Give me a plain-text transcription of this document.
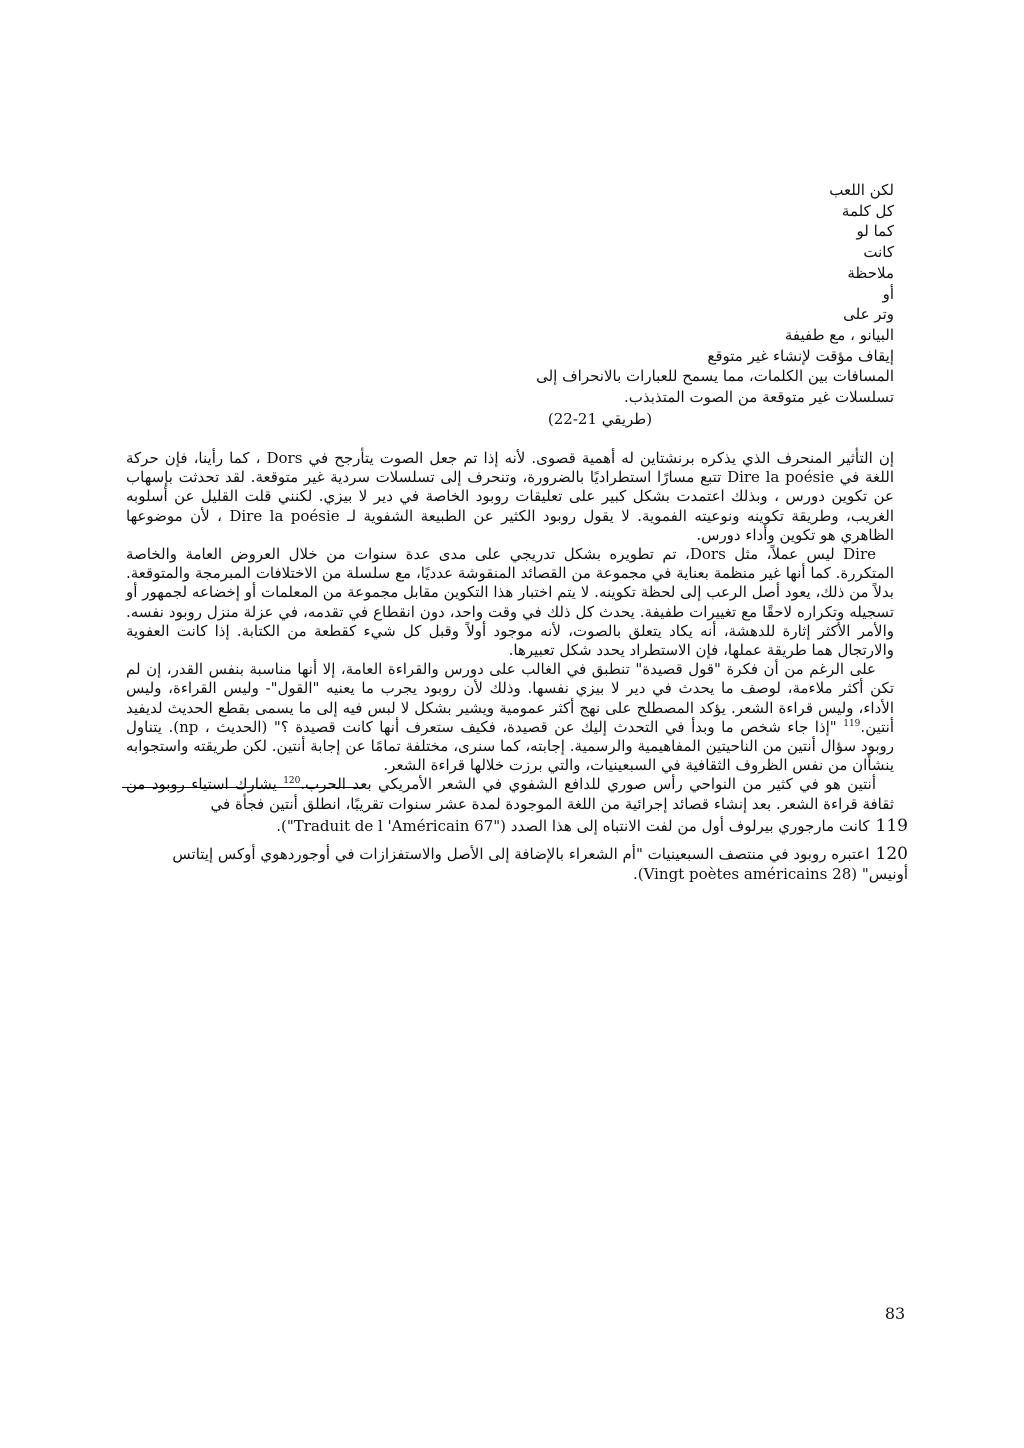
لكن اللعب
كل كلمة
كما لو
كانت
ملاحظة
أو
وتر على
البيانو ، مع طفيفة
إيقاف مؤقت لإنشاء غير متوقع
المسافات بين الكلمات، مما يسمح للعبارات بالانحراف إلى
تسلسلات غير متوقعة من الصوت المتذبذب.
(طريقي 21-22)

إن التأثير المنحرف الذي يذكره برنشتاين له أهمية قصوى. لأنه إذا تم جعل الصوت يتأرجح في Dors ، كما رأينا، فإن حركة اللغة في Dire la poésie تتبع مسارًا استطراديًا بالضرورة، وتنحرف إلى تسلسلات سردية غير متوقعة. لقد تحدثت بإسهاب عن تكوين دورس ، وبذلك اعتمدت بشكل كبير على تعليقات روبود الخاصة في دير لا بيزي. لكنني قلت القليل عن أسلوبه الغريب، وطريقة تكوينه ونوعيته الفموية. لا يقول روبود الكثير عن الطبيعة الشفوية لـ Dire la poésie ، لأن موضوعها الظاهري هو تكوين وأداء دورس.

Dire ليس عملاً، مثل Dors، تم تطويره بشكل تدريجي على مدى عدة سنوات من خلال العروض العامة والخاصة المتكررة. كما أنها غير منظمة بعناية في مجموعة من القصائد المنقوشة عدديًا، مع سلسلة من الاختلافات المبرمجة والمتوقعة. بدلاً من ذلك، يعود أصل الرعب إلى لحظة تكوينه. لا يتم اختبار هذا التكوين مقابل مجموعة من المعلمات أو إخضاعه لجمهور أو تسجيله وتكراره لاحقًا مع تغييرات طفيفة. يحدث كل ذلك في وقت واحد، دون انقطاع في تقدمه، في عزلة منزل روبود نفسه. والأمر الأكثر إثارة للدهشة، أنه يكاد يتعلق بالصوت، لأنه موجود أولاً وقبل كل شيء كقطعة من الكتابة. إذا كانت العفوية والارتجال هما طريقة عملها، فإن الاستطراد يحدد شكل تعبيرها.

على الرغم من أن فكرة "قول قصيدة" تنطبق في الغالب على دورس والقراءة العامة، إلا أنها مناسبة بنفس القدر، إن لم تكن أكثر ملاءمة، لوصف ما يحدث في دير لا بيزي نفسها. وذلك لأن روبود يجرب ما يعنيه "القول"- وليس القراءة، وليس الأداء، وليس قراءة الشعر. يؤكد المصطلح على نهج أكثر عمومية ويشير بشكل لا لبس فيه إلى ما يسمى بقطع الحديث لديفيد أنتين.$^{119}$ "إذا جاء شخص ما وبدأ في التحدث إليك عن قصيدة، فكيف ستعرف أنها كانت قصيدة ؟" (الحديث ، np). يتناول روبود سؤال أنتين من الناحيتين المفاهيمية والرسمية. إجابته، كما سنرى، مختلفة تمامًا عن إجابة أنتين. لكن طريقته واستجوابه ينشأان من نفس الظروف الثقافية في السبعينيات، والتي برزت خلالها قراءة الشعر.

أنتين هو في كثير من النواحي رأس صوري للدافع الشفوي في الشعر الأمريكي بعد الحرب.$^{120}$ يشارك استياء روبود من ثقافة قراءة الشعر. بعد إنشاء قصائد إجرائية من اللغة الموجودة لمدة عشر سنوات تقريبًا، انطلق أنتين فجأة في

119كانت مارجوري بيرلوف أول من لفت الانتباه إلى هذا الصدد ("67 Traduit de l 'Américain").

120اعتبره روبود في منتصف السبعينيات "أم الشعراء بالإضافة إلى الأصل والاستفزازات في أوجوردهوي أوكس إيتاتس أونيس" (Vingt poètes américains 28).

83
